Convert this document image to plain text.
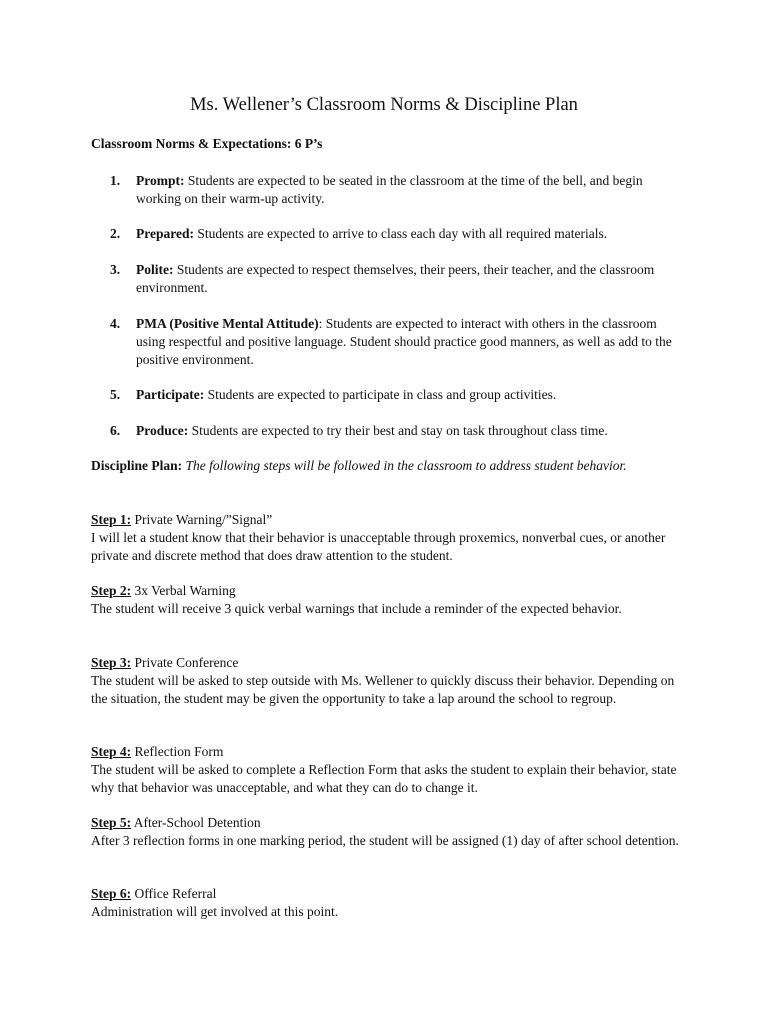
Ms. Wellener’s Classroom Norms & Discipline Plan
Classroom Norms & Expectations: 6 P’s
1. Prompt: Students are expected to be seated in the classroom at the time of the bell, and begin working on their warm-up activity.
2. Prepared: Students are expected to arrive to class each day with all required materials.
3. Polite: Students are expected to respect themselves, their peers, their teacher, and the classroom environment.
4. PMA (Positive Mental Attitude): Students are expected to interact with others in the classroom using respectful and positive language. Student should practice good manners, as well as add to the positive environment.
5. Participate: Students are expected to participate in class and group activities.
6. Produce: Students are expected to try their best and stay on task throughout class time.
Discipline Plan: The following steps will be followed in the classroom to address student behavior.
Step 1: Private Warning/”Signal”
I will let a student know that their behavior is unacceptable through proxemics, nonverbal cues, or another private and discrete method that does draw attention to the student.
Step 2: 3x Verbal Warning
The student will receive 3 quick verbal warnings that include a reminder of the expected behavior.
Step 3: Private Conference
The student will be asked to step outside with Ms. Wellener to quickly discuss their behavior. Depending on the situation, the student may be given the opportunity to take a lap around the school to regroup.
Step 4: Reflection Form
The student will be asked to complete a Reflection Form that asks the student to explain their behavior, state why that behavior was unacceptable, and what they can do to change it.
Step 5: After-School Detention
After 3 reflection forms in one marking period, the student will be assigned (1) day of after school detention.
Step 6: Office Referral
Administration will get involved at this point.
